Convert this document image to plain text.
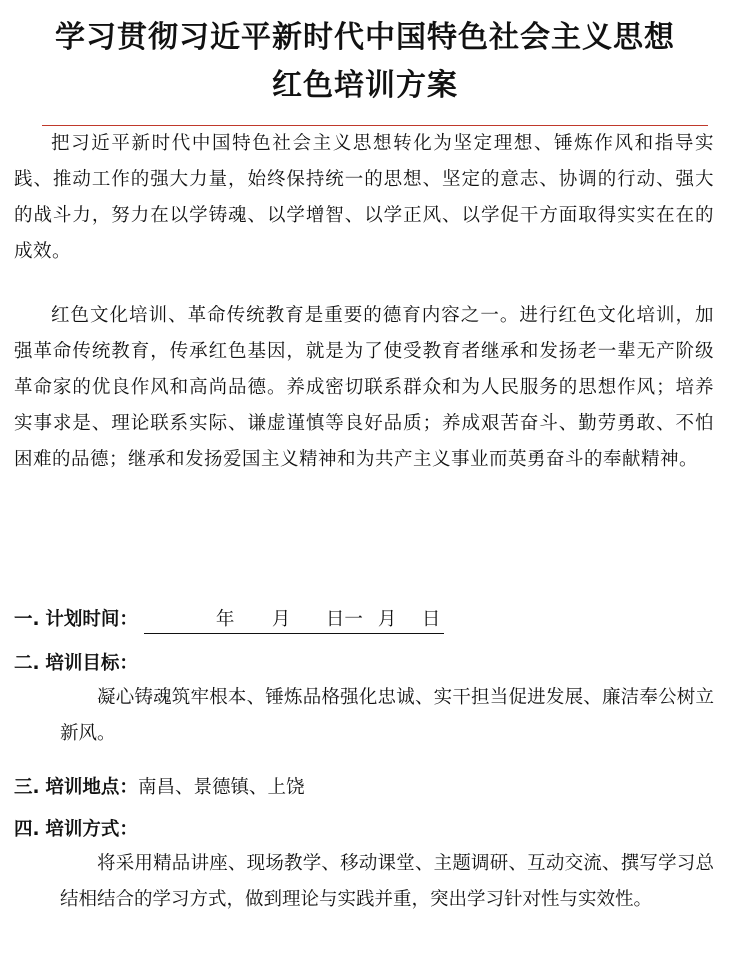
学习贯彻习近平新时代中国特色社会主义思想
红色培训方案
把习近平新时代中国特色社会主义思想转化为坚定理想、锤炼作风和指导实践、推动工作的强大力量，始终保持统一的思想、坚定的意志、协调的行动、强大的战斗力，努力在以学铸魂、以学增智、以学正风、以学促干方面取得实实在在的成效。
红色文化培训、革命传统教育是重要的德育内容之一。进行红色文化培训，加强革命传统教育，传承红色基因，就是为了使受教育者继承和发扬老一辈无产阶级革命家的优良作风和高尚品德。养成密切联系群众和为人民服务的思想作风；培养实事求是、理论联系实际、谦虚谨慎等良好品质；养成艰苦奋斗、勤劳勇敢、不怕困难的品德；继承和发扬爱国主义精神和为共产主义事业而英勇奋斗的奉献精神。
一. 计划时间：	年 月 日一 月 日
二. 培训目标：
凝心铸魂筑牢根本、锤炼品格强化忠诚、实干担当促进发展、廉洁奉公树立新风。
三. 培训地点：南昌、景德镇、上饶
四. 培训方式：
将采用精品讲座、现场教学、移动课堂、主题调研、互动交流、撰写学习总结相结合的学习方式，做到理论与实践并重，突出学习针对性与实效性。
